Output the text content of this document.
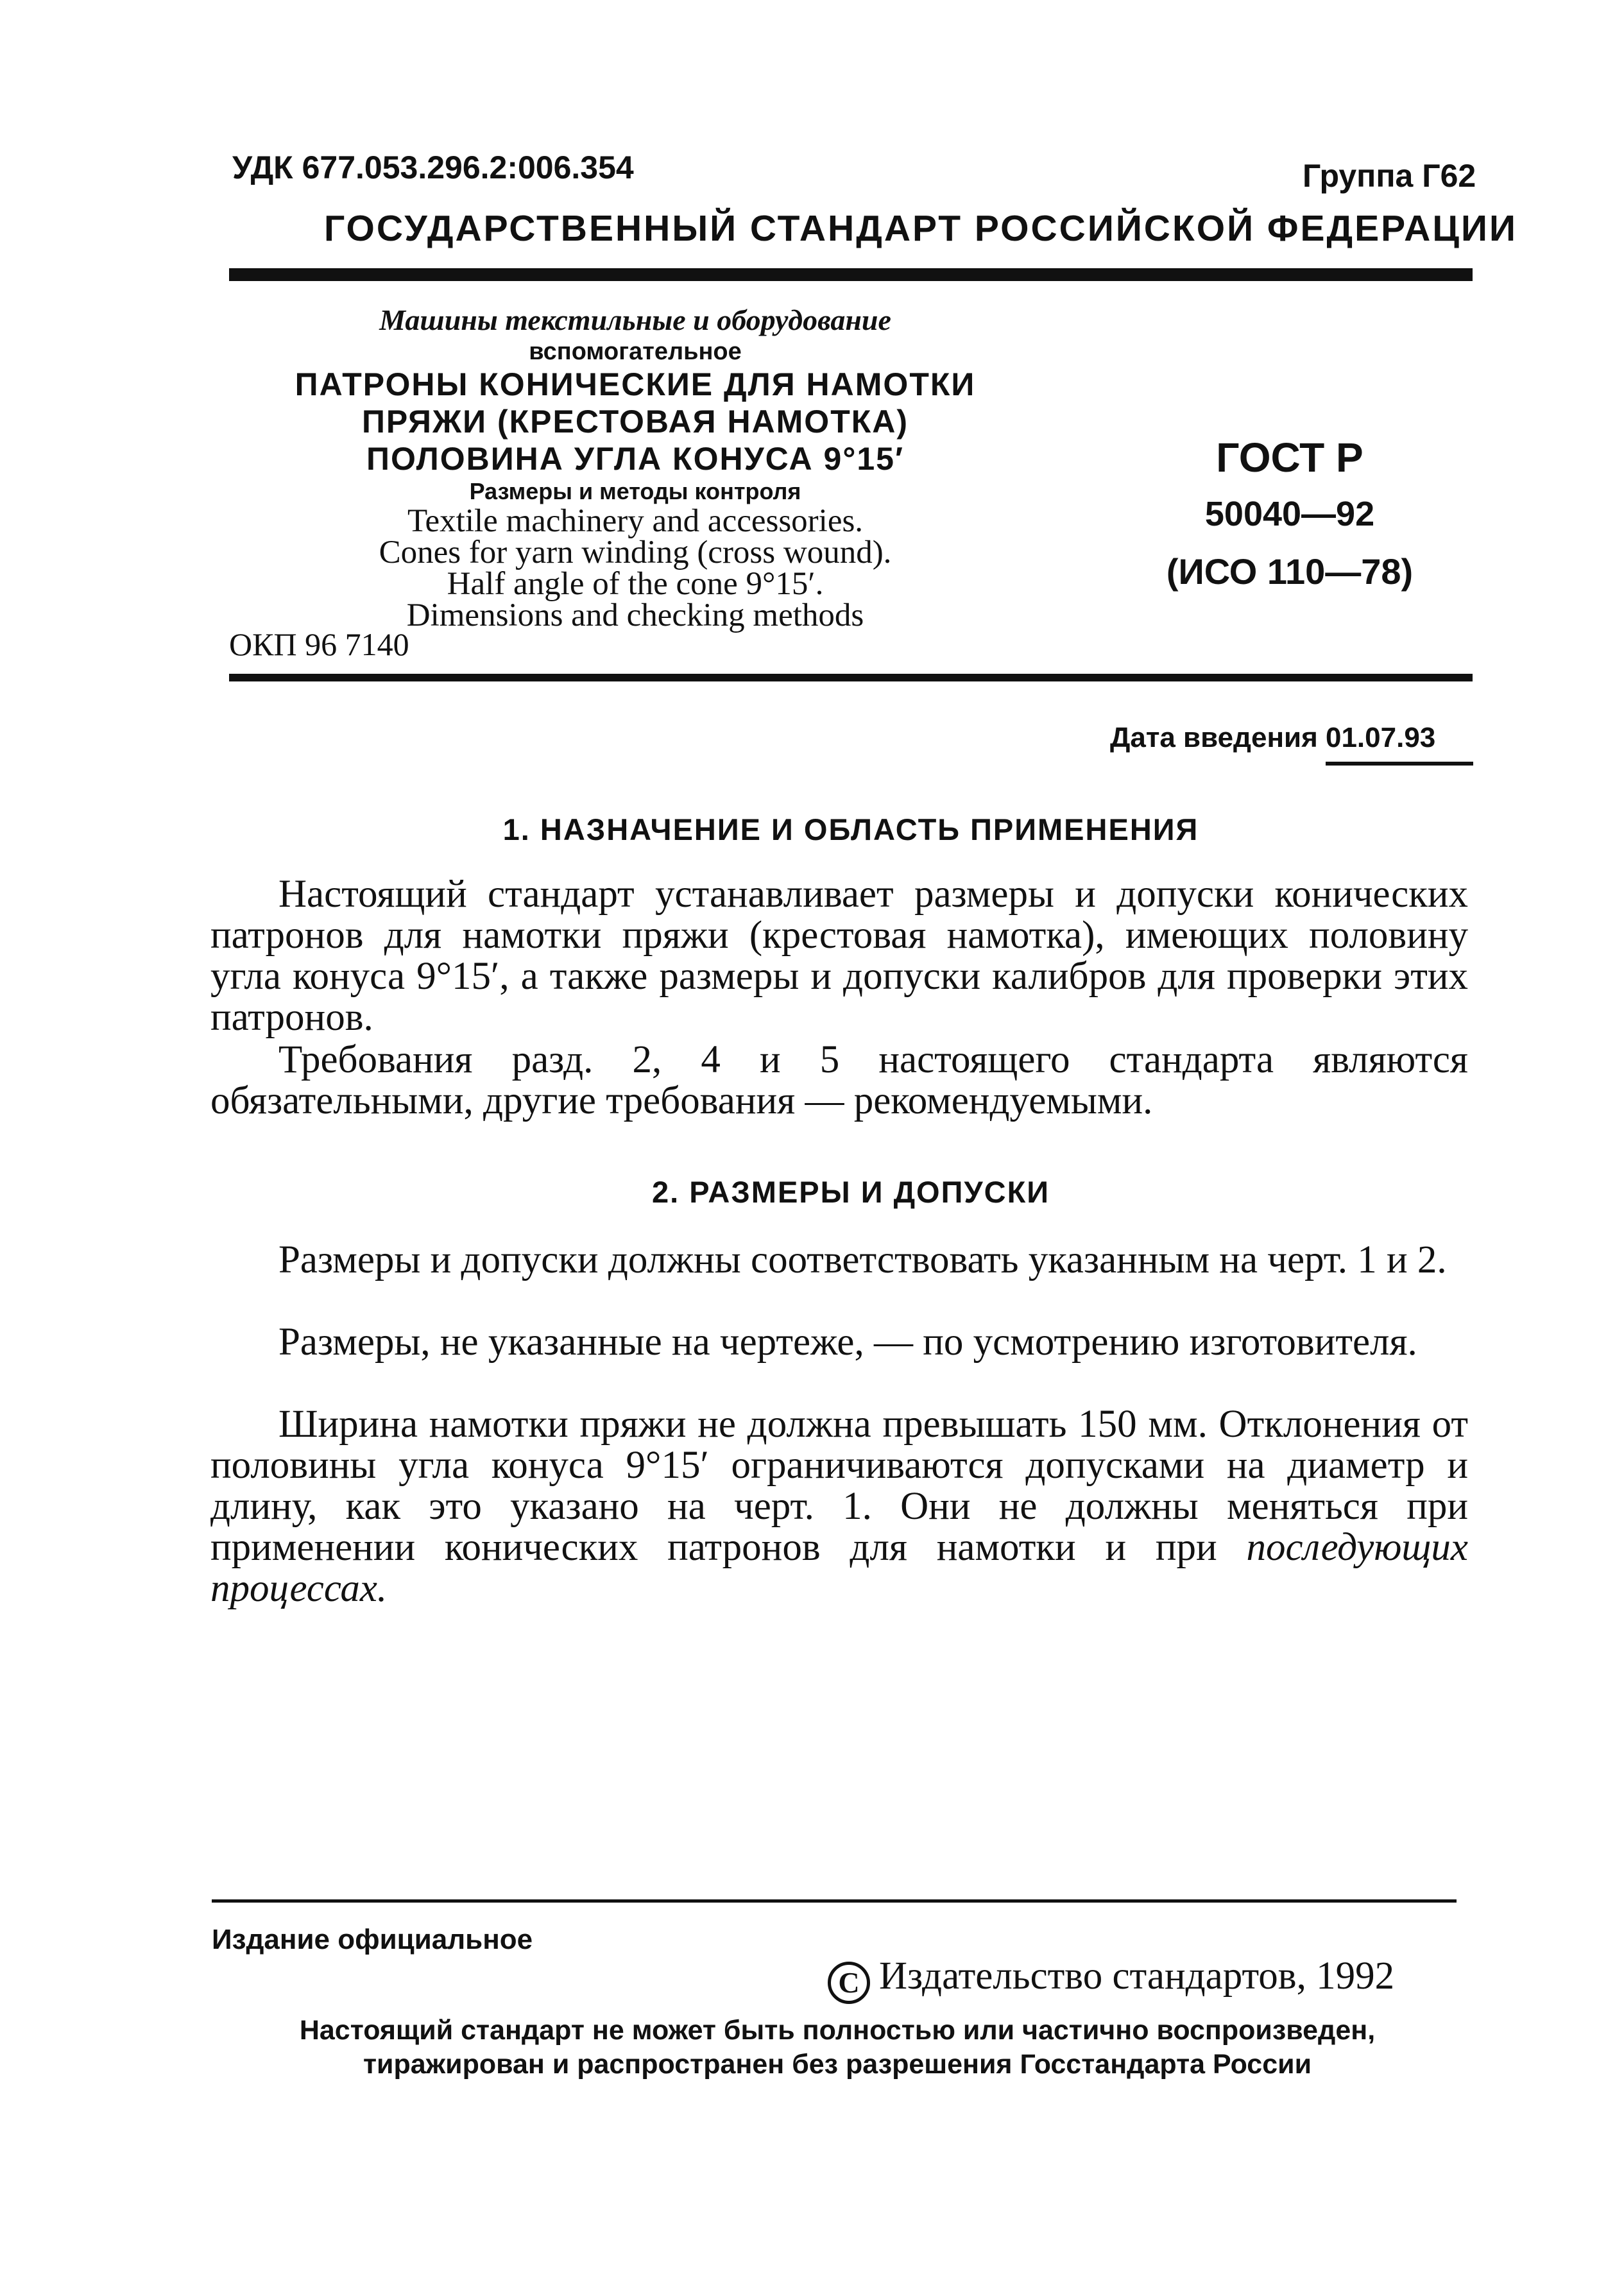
УДК 677.053.296.2:006.354	Группа Г62
ГОСУДАРСТВЕННЫЙ СТАНДАРТ РОССИЙСКОЙ ФЕДЕРАЦИИ
Машины текстильные и оборудование
вспомогательное
ПАТРОНЫ КОНИЧЕСКИЕ ДЛЯ НАМОТКИ
ПРЯЖИ (КРЕСТОВАЯ НАМОТКА)
ПОЛОВИНА УГЛА КОНУСА 9°15′
Размеры и методы контроля
Textile machinery and accessories.
Cones for yarn winding (cross wound).
Half angle of the cone 9°15′.
Dimensions and checking methods
ГОСТ Р
50040—92
(ИСО 110—78)
ОКП 96 7140
Дата введения 01.07.93
1. НАЗНАЧЕНИЕ И ОБЛАСТЬ ПРИМЕНЕНИЯ
Настоящий стандарт устанавливает размеры и допуски конических патронов для намотки пряжи (крестовая намотка), имеющих половину угла конуса 9°15′, а также размеры и допуски калибров для проверки этих патронов.
Требования разд. 2, 4 и 5 настоящего стандарта являются обязательными, другие требования — рекомендуемыми.
2. РАЗМЕРЫ И ДОПУСКИ
Размеры и допуски должны соответствовать указанным на черт. 1 и 2.
Размеры, не указанные на чертеже, — по усмотрению изготовителя.
Ширина намотки пряжи не должна превышать 150 мм. Отклонения от половины угла конуса 9°15′ ограничиваются допусками на диаметр и длину, как это указано на черт. 1. Они не должны меняться при применении конических патронов для намотки и при последующих процессах.
Издание официальное
C Издательство стандартов, 1992
Настоящий стандарт не может быть полностью или частично воспроизведен,
тиражирован и распространен без разрешения Госстандарта России
